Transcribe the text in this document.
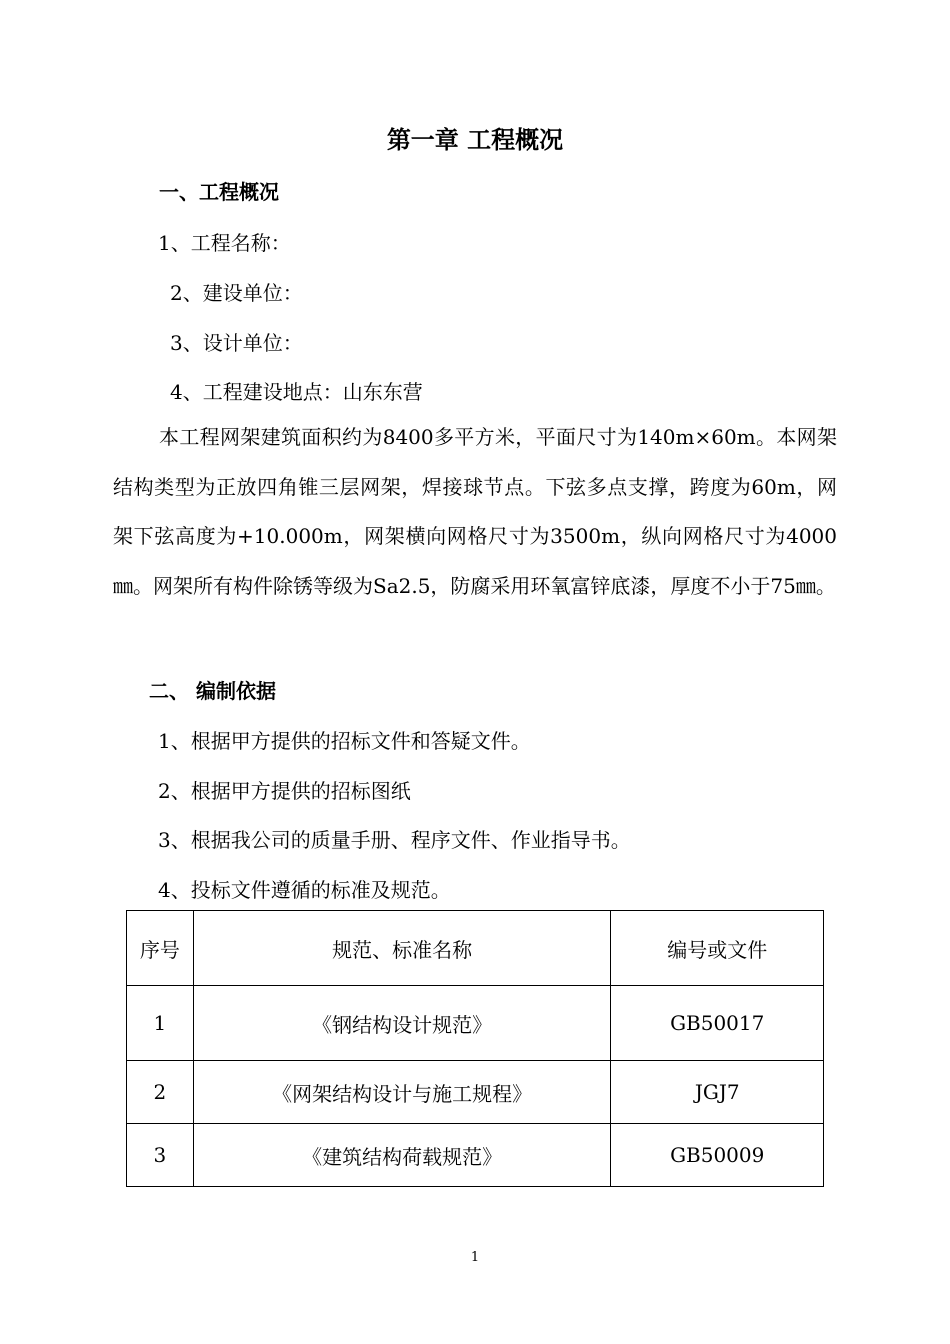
第一章 工程概况
一、工程概况
1、工程名称：
2、建设单位：
3、设计单位：
4、工程建设地点：山东东营
本工程网架建筑面积约为8400多平方米，平面尺寸为140m×60m。本网架结构类型为正放四角锥三层网架，焊接球节点。下弦多点支撑，跨度为60m，网架下弦高度为+10.000m，网架横向网格尺寸为3500m，纵向网格尺寸为4000㎜。网架所有构件除锈等级为Sa2.5，防腐采用环氧富锌底漆，厚度不小于75㎜。
二、 编制依据
1、根据甲方提供的招标文件和答疑文件。
2、根据甲方提供的招标图纸
3、根据我公司的质量手册、程序文件、作业指导书。
4、投标文件遵循的标准及规范。
序号	规范、标准名称	编号或文件
1	《钢结构设计规范》	GB50017
2	《网架结构设计与施工规程》	JGJ7
3	《建筑结构荷载规范》	GB50009
1
